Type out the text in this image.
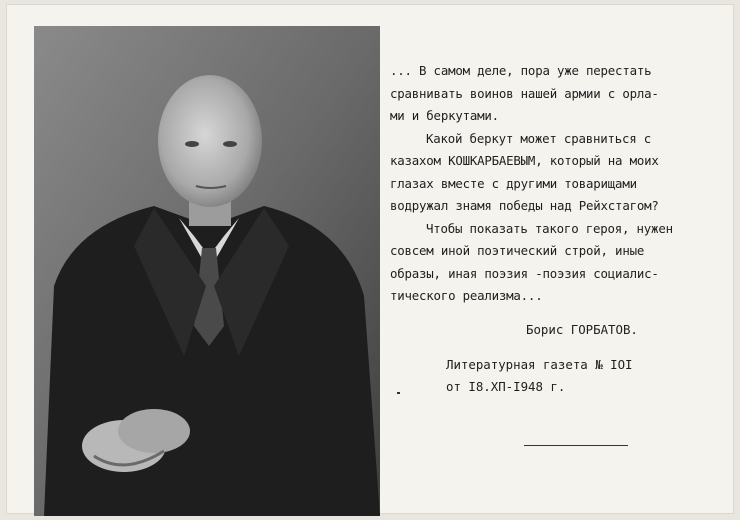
... В самом деле, пора уже перестать
сравнивать воинов нашей армии с орла-
ми и беркутами.
Какой беркут может сравниться с
казахом КОШКАРБАЕВЫМ, который на моих
глазах вместе с другими товарищами
водружал знамя победы над Рейхстагом?
Чтобы показать такого героя, нужен
совсем иной поэтический строй, иные
образы, иная поэзия -поэзия социалис-
тического реализма...
Борис ГОРБАТОВ.
Литературная газета № IOI
от I8.XП-I948 г.
